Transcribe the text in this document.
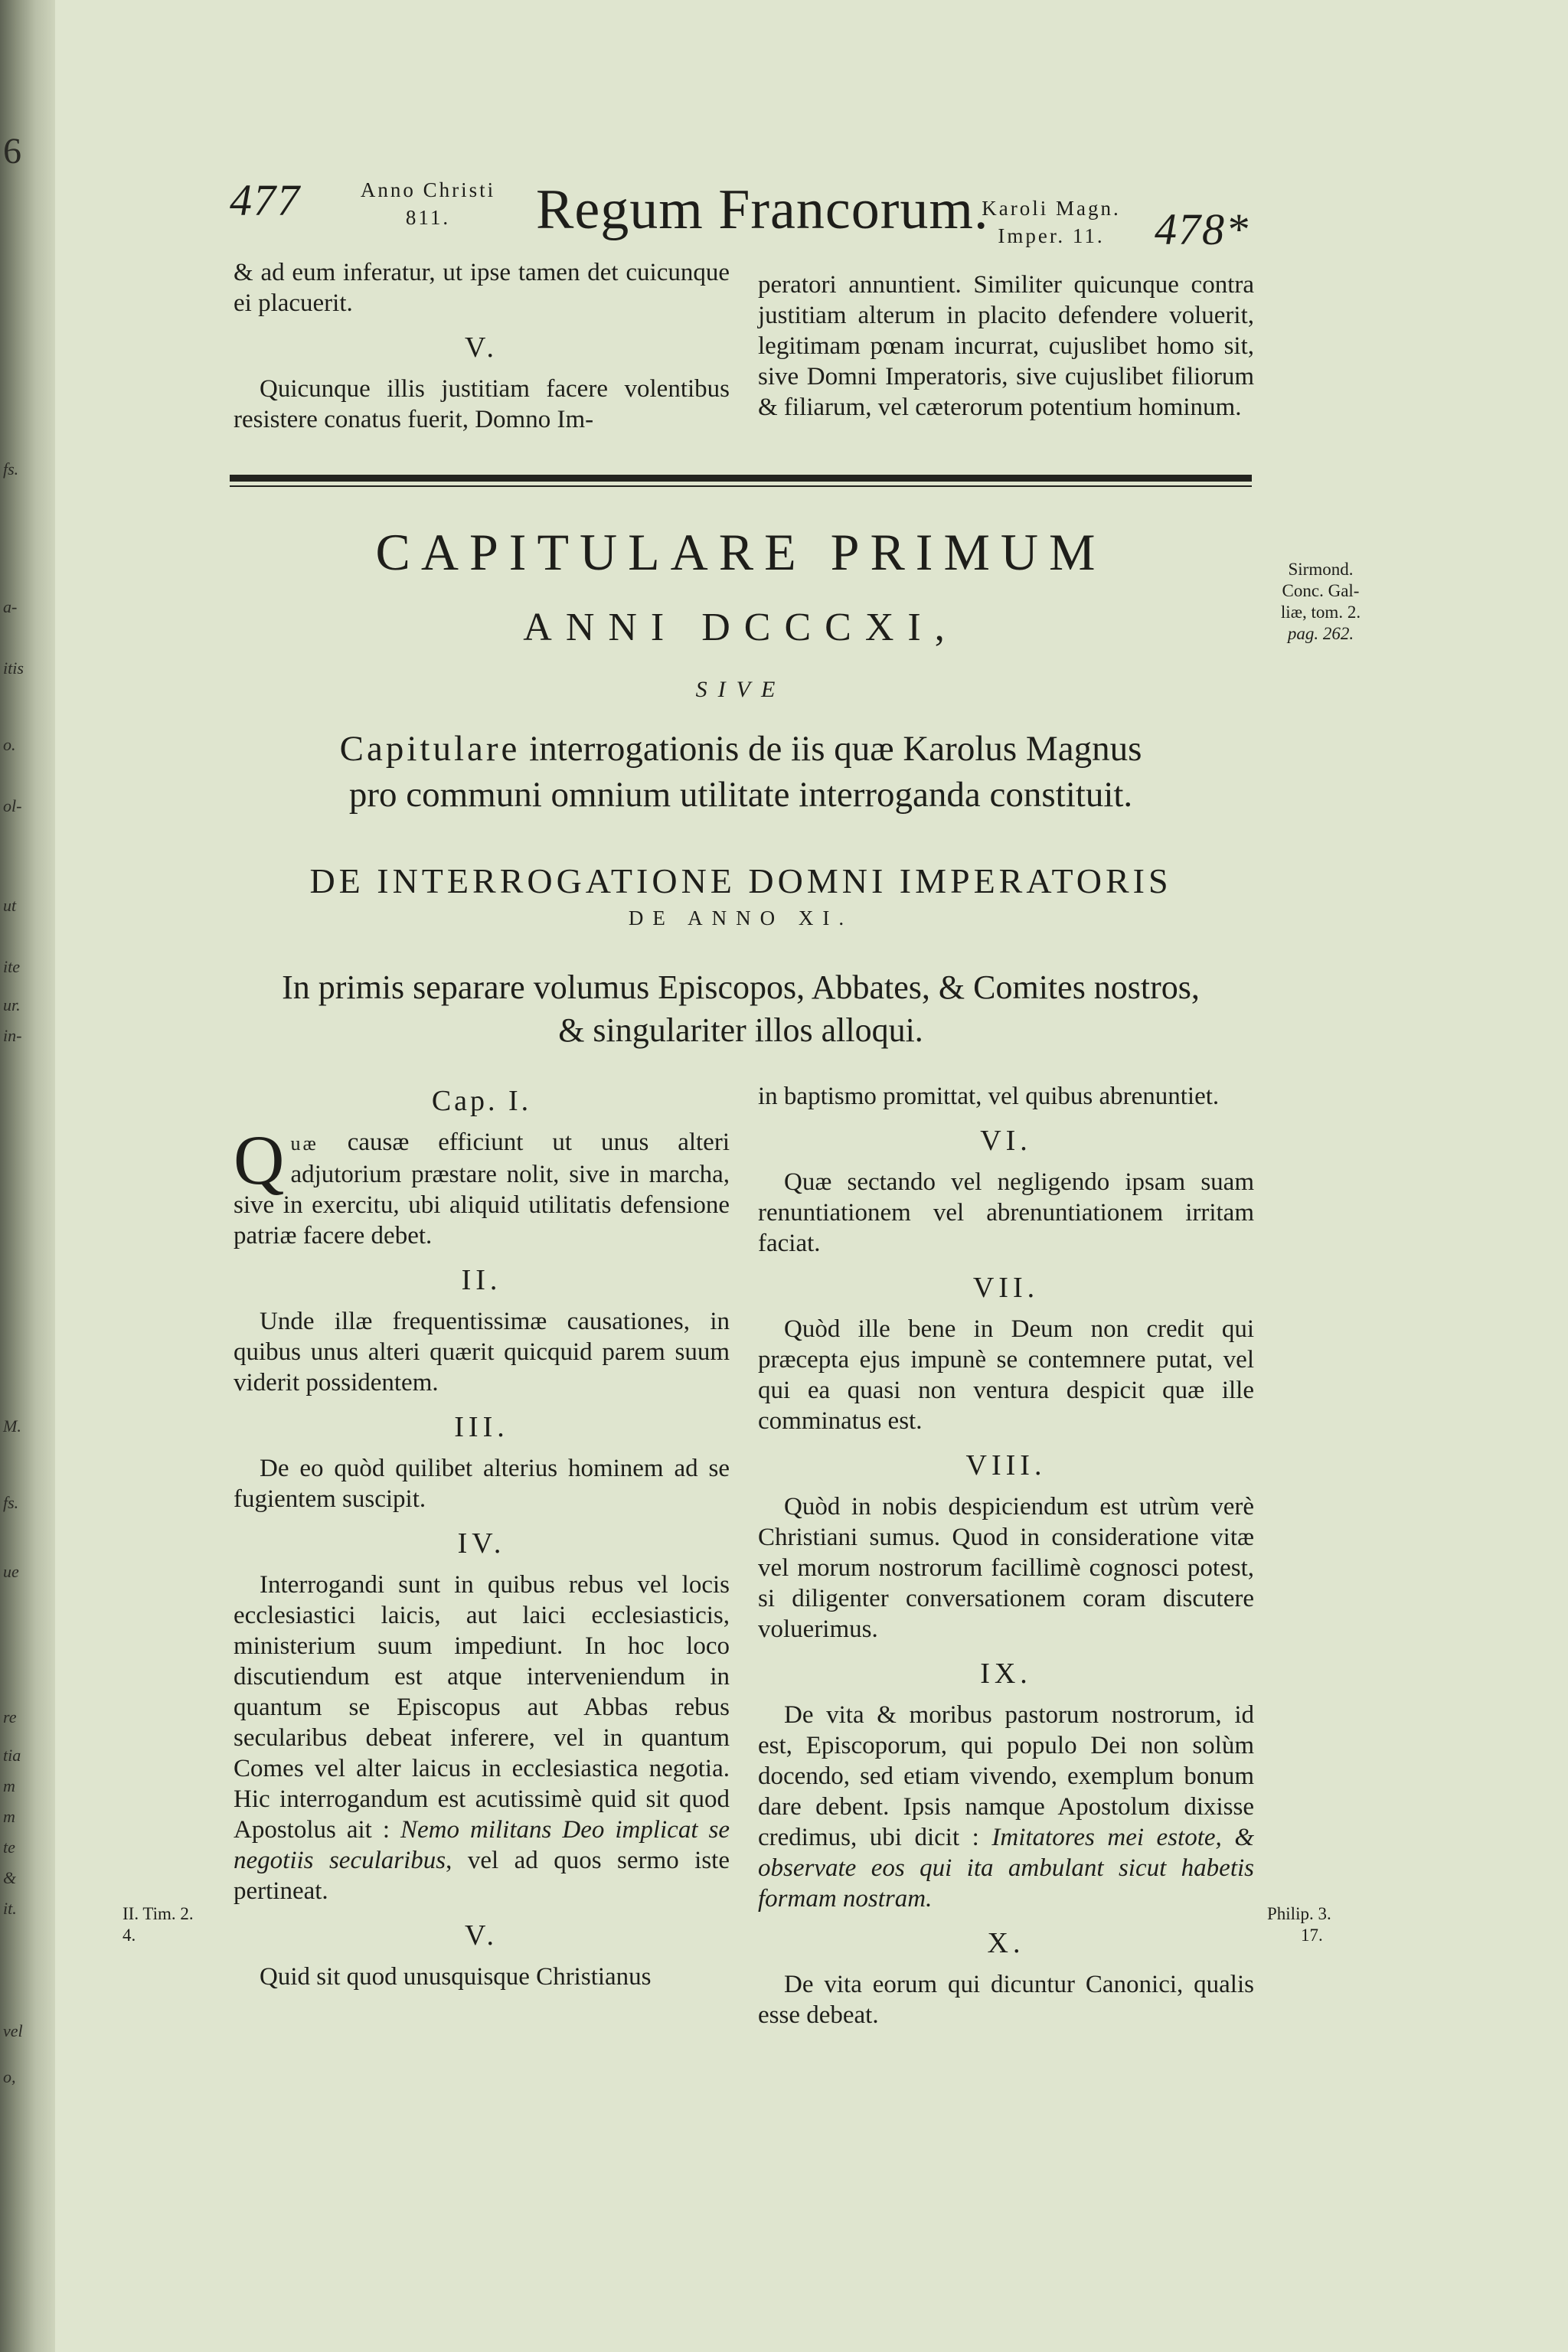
6
fs.
a-
itis
o.
ol-
ut
ite
ur.
in-
M.
fs.
ue
re
tia
m
m
te
&
it.
vel
o,
477	Anno Christi
811.	Regum Francorum.
Karoli Magn.
Imper. 11.	478*

& ad eum inferatur, ut ipse tamen det cuicunque ei placuerit.

V.

Quicunque illis justitiam facere volentibus resistere conatus fuerit, Domno Im-

peratori annuntient. Similiter quicunque contra justitiam alterum in placito defendere voluerit, legitimam pœnam incurrat, cujuslibet homo sit, sive Domni Imperatoris, sive cujuslibet filiorum & filiarum, vel cæterorum potentium hominum.

CAPITULARE PRIMUM
ANNI DCCCXI,
SIVE
Capitulare interrogationis de iis quæ Karolus Magnus
pro communi omnium utilitate interroganda constituit.
DE INTERROGATIONE DOMNI IMPERATORIS
DE ANNO XI.
In primis separare volumus Episcopos, Abbates, & Comites nostros,
& singulariter illos alloqui.
Sirmond.
Conc. Gal-
liæ, tom. 2.
pag. 262.
II. Tim. 2.
4.
Philip. 3.
17.
Cap. I.

Quæ causæ efficiunt ut unus alteri adjutorium præstare nolit, sive in marcha, sive in exercitu, ubi aliquid utilitatis defensione patriæ facere debet.

II.

Unde illæ frequentissimæ causationes, in quibus unus alteri quærit quicquid parem suum viderit possidentem.

III.

De eo quòd quilibet alterius hominem ad se fugientem suscipit.

IV.

Interrogandi sunt in quibus rebus vel locis ecclesiastici laicis, aut laici ecclesiasticis, ministerium suum impediunt. In hoc loco discutiendum est atque interveniendum in quantum se Episcopus aut Abbas rebus secularibus debeat inferere, vel in quantum Comes vel alter laicus in ecclesiastica negotia. Hic interrogandum est acutissimè quid sit quod Apostolus ait : Nemo militans Deo implicat se negotiis secularibus, vel ad quos sermo iste pertineat.

V.

Quid sit quod unusquisque Christianus

in baptismo promittat, vel quibus abrenuntiet.

VI.

Quæ sectando vel negligendo ipsam suam renuntiationem vel abrenuntiationem irritam faciat.

VII.

Quòd ille bene in Deum non credit qui præcepta ejus impunè se contemnere putat, vel qui ea quasi non ventura despicit quæ ille comminatus est.

VIII.

Quòd in nobis despiciendum est utrùm verè Christiani sumus. Quod in consideratione vitæ vel morum nostrorum facillimè cognosci potest, si diligenter conversationem coram discutere voluerimus.

IX.

De vita & moribus pastorum nostrorum, id est, Episcoporum, qui populo Dei non solùm docendo, sed etiam vivendo, exemplum bonum dare debent. Ipsis namque Apostolum dixisse credimus, ubi dicit : Imitatores mei estote, & observate eos qui ita ambulant sicut habetis formam nostram.

X.

De vita eorum qui dicuntur Canonici, qualis esse debeat.
